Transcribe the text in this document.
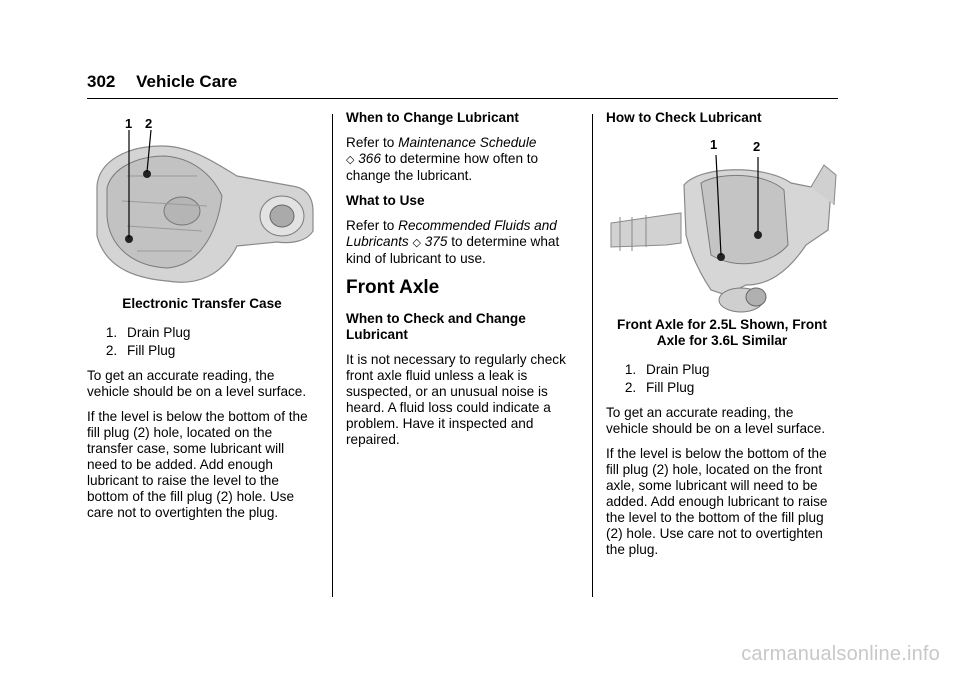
302 Vehicle Care
1 2
Electronic Transfer Case
1. Drain Plug
2. Fill Plug

To get an accurate reading, the vehicle should be on a level surface.

If the level is below the bottom of the fill plug (2) hole, located on the transfer case, some lubricant will need to be added. Add enough lubricant to raise the level to the bottom of the fill plug (2) hole. Use care not to overtighten the plug.

When to Change Lubricant

Refer to Maintenance Schedule
◇ 366 to determine how often to change the lubricant.

What to Use

Refer to Recommended Fluids and Lubricants ◇ 375 to determine what kind of lubricant to use.

Front Axle
When to Check and Change Lubricant

It is not necessary to regularly check front axle fluid unless a leak is suspected, or an unusual noise is heard. A fluid loss could indicate a problem. Have it inspected and repaired.

How to Check Lubricant
1	2
Front Axle for 2.5L Shown, Front Axle for 3.6L Similar
1. Drain Plug
2. Fill Plug

To get an accurate reading, the vehicle should be on a level surface.

If the level is below the bottom of the fill plug (2) hole, located on the front axle, some lubricant will need to be added. Add enough lubricant to raise the level to the bottom of the fill plug (2) hole. Use care not to overtighten the plug.

carmanualsonline.info
